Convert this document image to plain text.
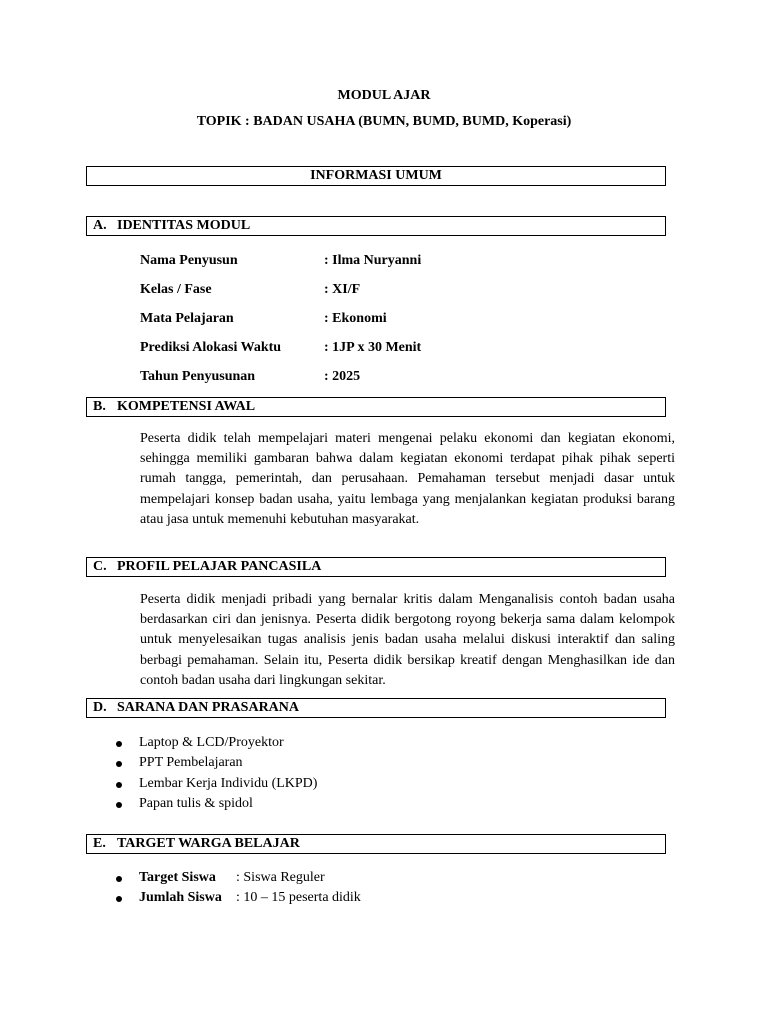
MODUL AJAR
TOPIK : BADAN USAHA (BUMN, BUMD, BUMD, Koperasi)
INFORMASI UMUM
A. IDENTITAS MODUL
Nama Penyusun	: Ilma Nuryanni
Kelas / Fase	: XI/F
Mata Pelajaran	: Ekonomi
Prediksi Alokasi Waktu	: 1JP x 30 Menit
Tahun Penyusunan	: 2025
B. KOMPETENSI AWAL

Peserta didik telah mempelajari materi mengenai pelaku ekonomi dan kegiatan ekonomi, sehingga memiliki gambaran bahwa dalam kegiatan ekonomi terdapat pihak pihak seperti rumah tangga, pemerintah, dan perusahaan. Pemahaman tersebut menjadi dasar untuk mempelajari konsep badan usaha, yaitu lembaga yang menjalankan kegiatan produksi barang atau jasa untuk memenuhi kebutuhan masyarakat.

C. PROFIL PELAJAR PANCASILA

Peserta didik menjadi pribadi yang bernalar kritis dalam Menganalisis contoh badan usaha berdasarkan ciri dan jenisnya. Peserta didik bergotong royong bekerja sama dalam kelompok untuk menyelesaikan tugas analisis jenis badan usaha melalui diskusi interaktif dan saling berbagi pemahaman. Selain itu, Peserta didik bersikap kreatif dengan Menghasilkan ide dan contoh badan usaha dari lingkungan sekitar.

D. SARANA DAN PRASARANA
Laptop & LCD/Proyektor
PPT Pembelajaran
Lembar Kerja Individu (LKPD)
Papan tulis & spidol
E. TARGET WARGA BELAJAR
Target Siswa : Siswa Reguler
Jumlah Siswa : 10 – 15 peserta didik
